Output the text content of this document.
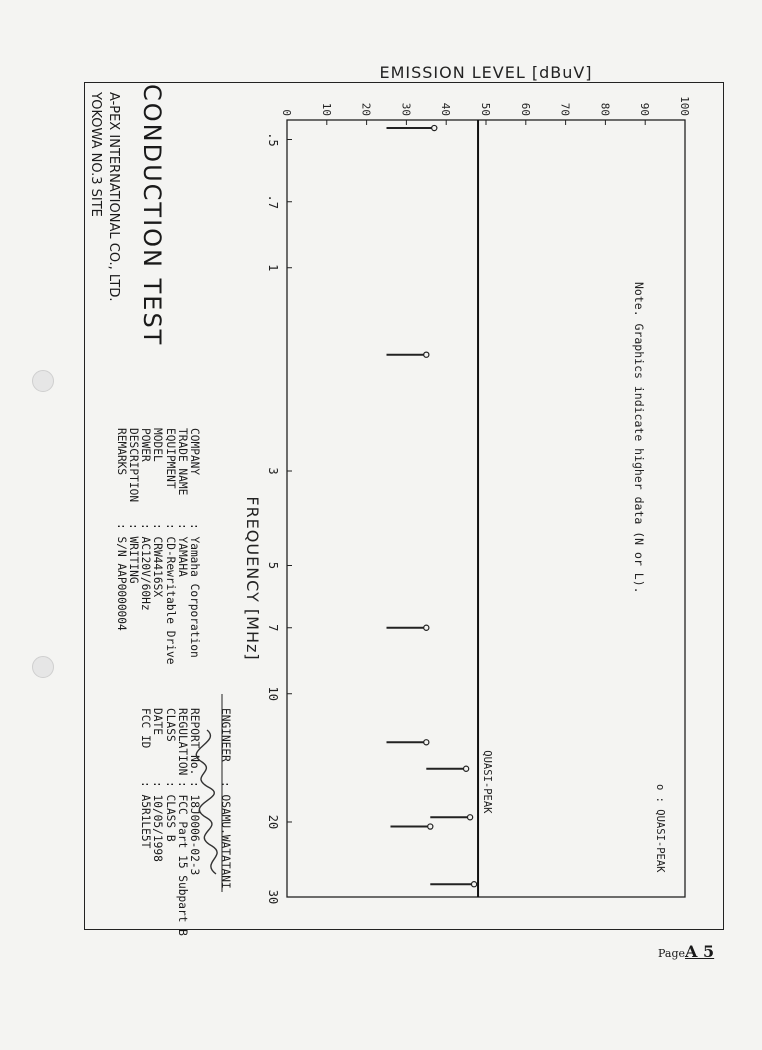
CONDUCTION TEST
A-PEX INTERNATIONAL CO., LTD.
YOKOWA NO.3 SITE
COMPANY
TRADE NAME
EQUIPMENT
MODEL
POWER
DESCRIPTION
REMARKS
: Yamaha Corporation
: YAMAHA
: CD-Rewritable Drive
: CRW4416SX
: AC120V/60Hz
: WRITING
: S/N AAP0000004
REPORT No.
REGULATION
CLASS
DATE
FCC ID
: 18J0006-02-3
: FCC Part 15 Subpart B
: CLASS B
: 10/05/1998
: A5R1LE5T
ENGINEER
: OSAMU.WATATANI
.5
.7
1
3
5
7
10
20
30
0 10 20 30 40 50 60 70 80 90 100
QUASI-PEAK
FREQUENCY [MHz]
EMISSION LEVEL [dBuV]
Note. Graphics indicate higher data (N or L).
o : QUASI-PEAK
PageA 5
